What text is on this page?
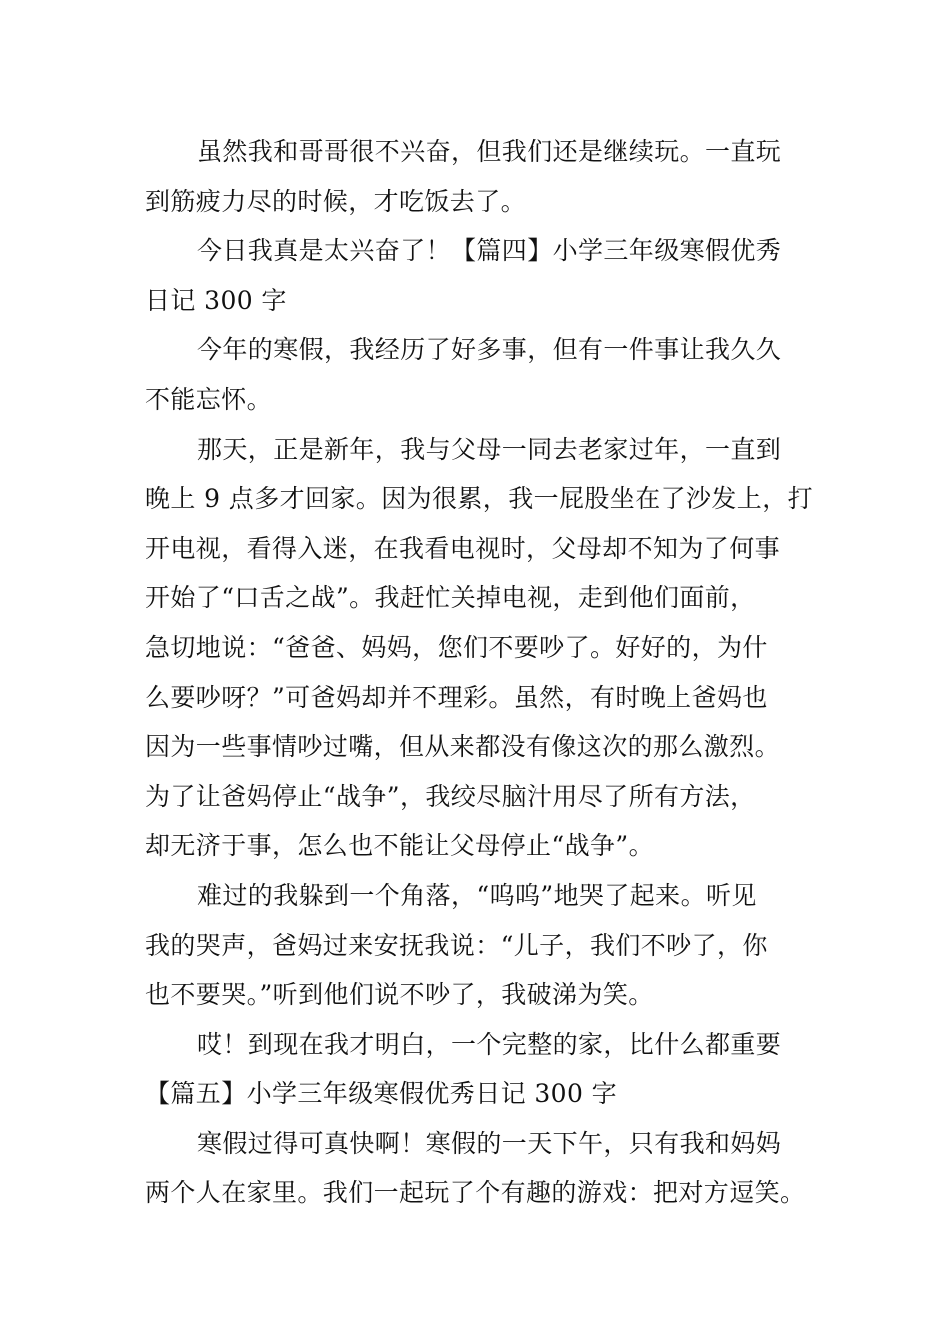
虽然我和哥哥很不兴奋，但我们还是继续玩。一直玩
到筋疲力尽的时候，才吃饭去了。
今日我真是太兴奋了！【篇四】小学三年级寒假优秀
日记 300 字
今年的寒假，我经历了好多事，但有一件事让我久久
不能忘怀。
那天，正是新年，我与父母一同去老家过年，一直到
晚上 9 点多才回家。因为很累，我一屁股坐在了沙发上，打
开电视，看得入迷，在我看电视时，父母却不知为了何事
开始了“口舌之战”。我赶忙关掉电视，走到他们面前，
急切地说：“爸爸、妈妈，您们不要吵了。好好的，为什
么要吵呀？”可爸妈却并不理彩。虽然，有时晚上爸妈也
因为一些事情吵过嘴，但从来都没有像这次的那么激烈。
为了让爸妈停止“战争”，我绞尽脑汁用尽了所有方法，
却无济于事，怎么也不能让父母停止“战争”。
难过的我躲到一个角落，“呜呜”地哭了起来。听见
我的哭声，爸妈过来安抚我说：“儿子，我们不吵了，你
也不要哭。”听到他们说不吵了，我破涕为笑。
哎！到现在我才明白，一个完整的家，比什么都重要
【篇五】小学三年级寒假优秀日记 300 字
寒假过得可真快啊！寒假的一天下午，只有我和妈妈
两个人在家里。我们一起玩了个有趣的游戏：把对方逗笑。
